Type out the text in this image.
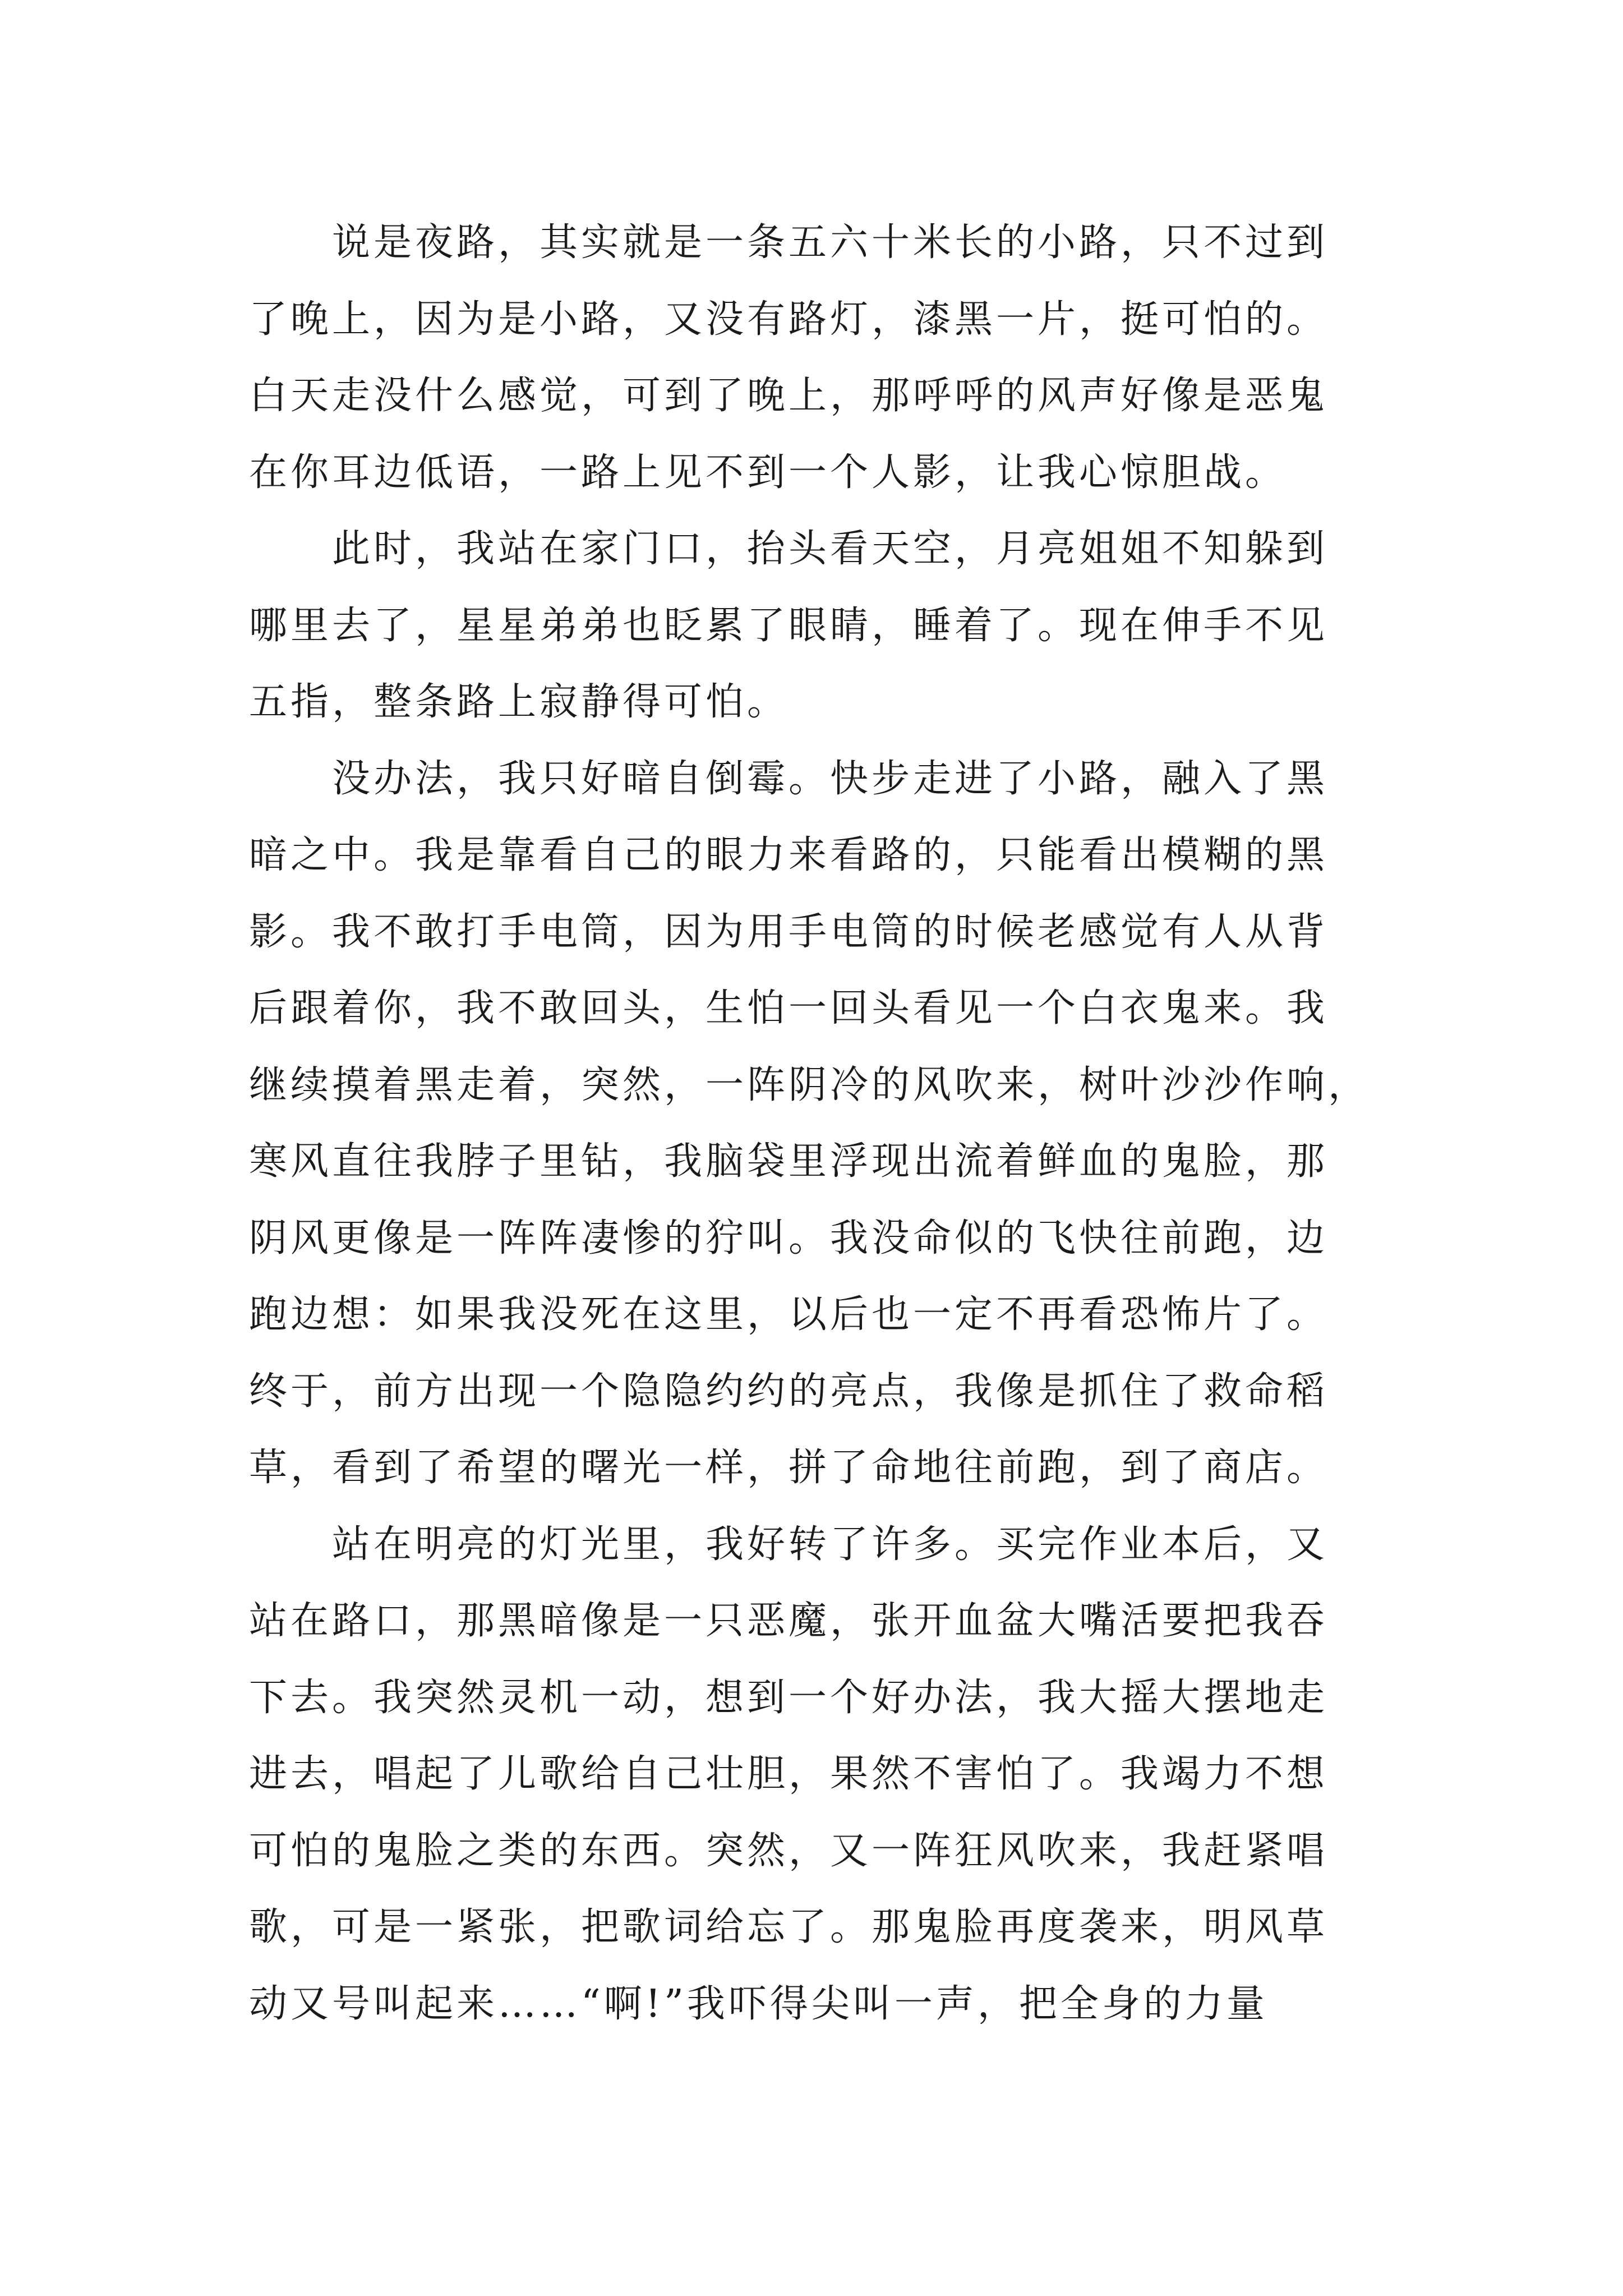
说是夜路，其实就是一条五六十米长的小路，只不过到
了晚上，因为是小路，又没有路灯，漆黑一片，挺可怕的。
白天走没什么感觉，可到了晚上，那呼呼的风声好像是恶鬼
在你耳边低语，一路上见不到一个人影，让我心惊胆战。
此时，我站在家门口，抬头看天空，月亮姐姐不知躲到
哪里去了，星星弟弟也眨累了眼睛，睡着了。现在伸手不见
五指，整条路上寂静得可怕。
没办法，我只好暗自倒霉。快步走进了小路，融入了黑
暗之中。我是靠看自己的眼力来看路的，只能看出模糊的黑
影。我不敢打手电筒，因为用手电筒的时候老感觉有人从背
后跟着你，我不敢回头，生怕一回头看见一个白衣鬼来。我
继续摸着黑走着，突然，一阵阴冷的风吹来，树叶沙沙作响，
寒风直往我脖子里钻，我脑袋里浮现出流着鲜血的鬼脸，那
阴风更像是一阵阵凄惨的狞叫。我没命似的飞快往前跑，边
跑边想：如果我没死在这里，以后也一定不再看恐怖片了。
终于，前方出现一个隐隐约约的亮点，我像是抓住了救命稻
草，看到了希望的曙光一样，拼了命地往前跑，到了商店。
站在明亮的灯光里，我好转了许多。买完作业本后，又
站在路口，那黑暗像是一只恶魔，张开血盆大嘴活要把我吞
下去。我突然灵机一动，想到一个好办法，我大摇大摆地走
进去，唱起了儿歌给自己壮胆，果然不害怕了。我竭力不想
可怕的鬼脸之类的东西。突然，又一阵狂风吹来，我赶紧唱
歌，可是一紧张，把歌词给忘了。那鬼脸再度袭来，明风草
动又号叫起来……“啊!”我吓得尖叫一声，把全身的力量
